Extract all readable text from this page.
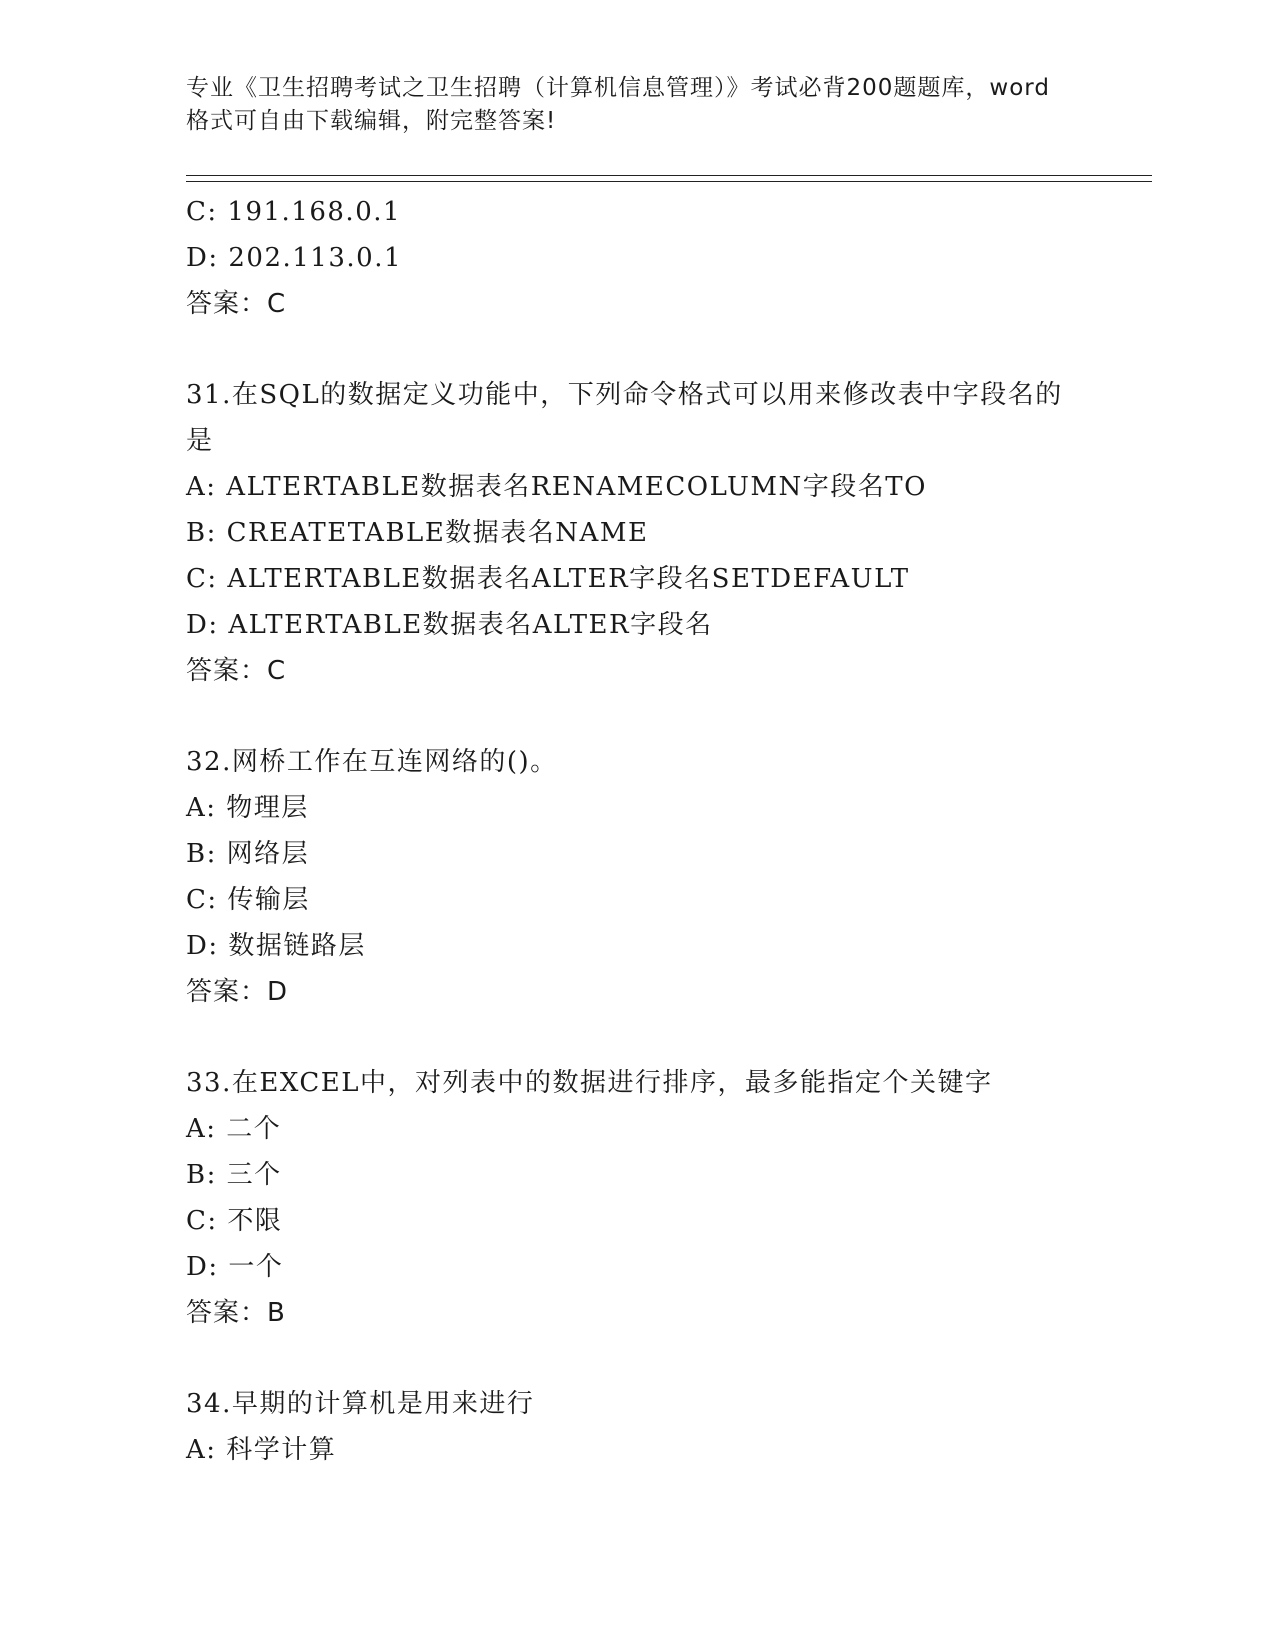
专业《卫生招聘考试之卫生招聘（计算机信息管理）》考试必背200题题库，word
格式可自由下载编辑，附完整答案!
C: 191.168.0.1
D: 202.113.0.1
答案：C
31.在SQL的数据定义功能中，下列命令格式可以用来修改表中字段名的是
A: ALTERTABLE数据表名RENAMECOLUMN字段名TO
B: CREATETABLE数据表名NAME
C: ALTERTABLE数据表名ALTER字段名SETDEFAULT
D: ALTERTABLE数据表名ALTER字段名
答案：C
32.网桥工作在互连网络的()。
A: 物理层
B: 网络层
C: 传输层
D: 数据链路层
答案：D
33.在EXCEL中，对列表中的数据进行排序，最多能指定个关键字
A: 二个
B: 三个
C: 不限
D: 一个
答案：B
34.早期的计算机是用来进行
A: 科学计算
